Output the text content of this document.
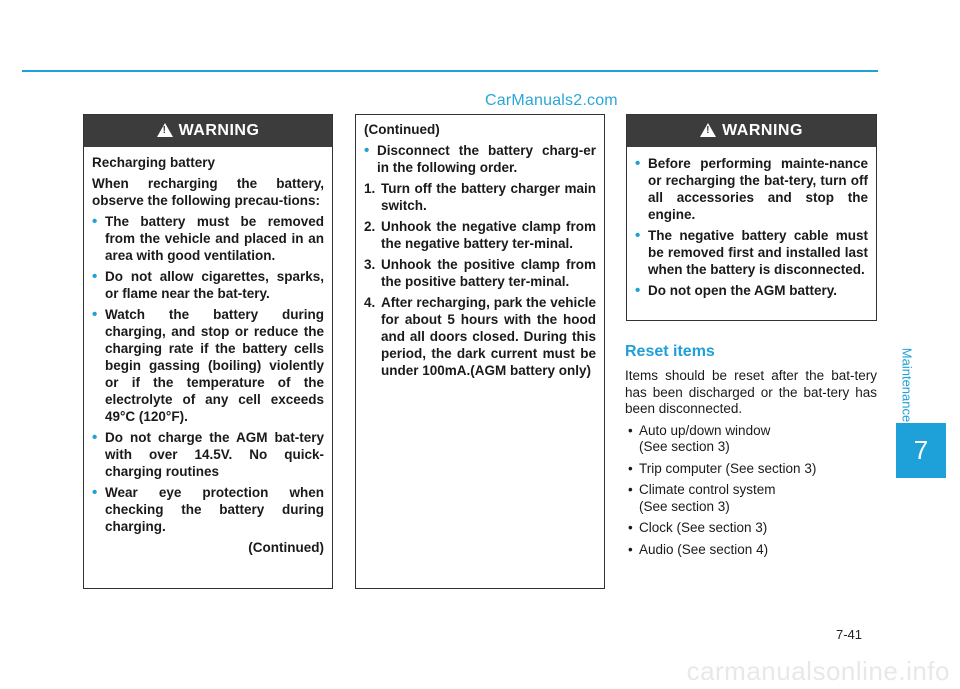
CarManuals2.com
!
WARNING

Recharging battery

When recharging the battery, observe the following precau-tions:

• The battery must be removed from the vehicle and placed in an area with good ventilation.
• Do not allow cigarettes, sparks, or flame near the bat-tery.
• Watch the battery during charging, and stop or reduce the charging rate if the battery cells begin gassing (boiling) violently or if the temperature of the electrolyte of any cell exceeds 49°C (120°F).
• Do not charge the AGM bat-tery with over 14.5V. No quick-charging routines
• Wear eye protection when checking the battery during charging.

(Continued)

(Continued)

• Disconnect the battery charg-er in the following order.
1. Turn off the battery charger main switch.
2. Unhook the negative clamp from the negative battery ter-minal.
3. Unhook the positive clamp from the positive battery ter-minal.
4. After recharging, park the vehicle for about 5 hours with the hood and all doors closed. During this period, the dark current must be under 100mA.(AGM battery only)
!
WARNING
• Before performing mainte-nance or recharging the bat-tery, turn off all accessories and stop the engine.
• The negative battery cable must be removed first and installed last when the battery is disconnected.
• Do not open the AGM battery.
Reset items

Items should be reset after the bat-tery has been discharged or the bat-tery has been disconnected.

• Auto up/down window
(See section 3)
• Trip computer (See section 3)
• Climate control system
(See section 3)
• Clock (See section 3)
• Audio (See section 4)
Maintenance
7
7-41
carmanualsonline.info
